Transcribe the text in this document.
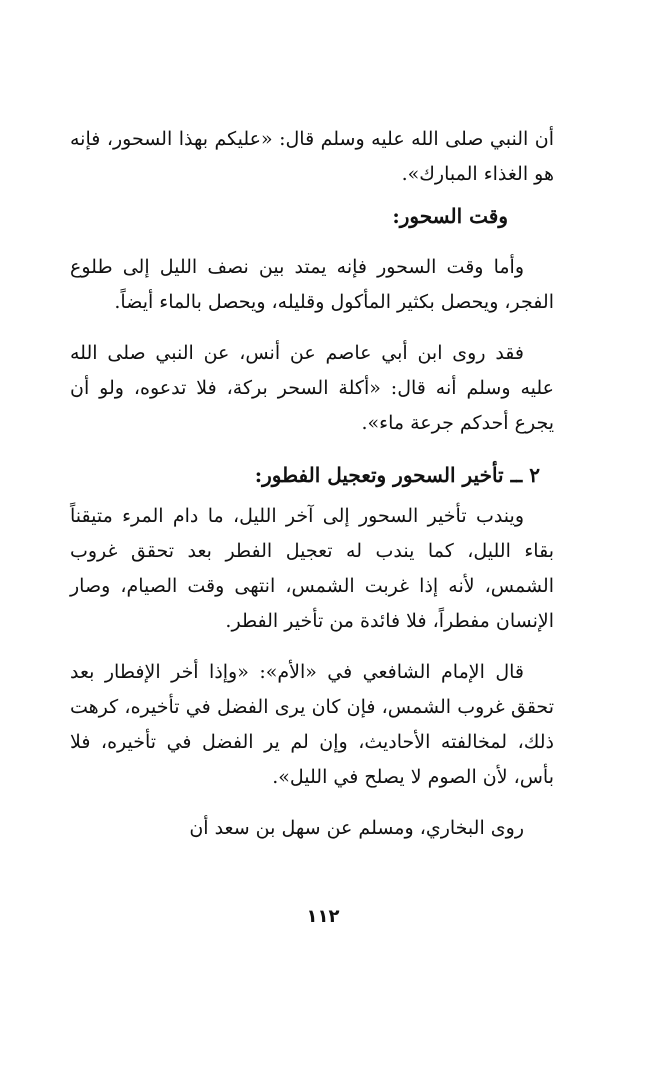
أن النبي صلى الله عليه وسلم قال: «عليكم بهذا السحور، فإنه هو الغذاء المبارك».

وقت السحور:

وأما وقت السحور فإنه يمتد بين نصف الليل إلى طلوع الفجر، ويحصل بكثير المأكول وقليله، ويحصل بالماء أيضاً.

فقد روى ابن أبي عاصم عن أنس، عن النبي صلى الله عليه وسلم أنه قال: «أكلة السحر بركة، فلا تدعوه، ولو أن يجرع أحدكم جرعة ماء».

٢ ــ تأخير السحور وتعجيل الفطور:

ويندب تأخير السحور إلى آخر الليل، ما دام المرء متيقناً بقاء الليل، كما يندب له تعجيل الفطر بعد تحقق غروب الشمس، لأنه إذا غربت الشمس، انتهى وقت الصيام، وصار الإنسان مفطراً، فلا فائدة من تأخير الفطر.

قال الإمام الشافعي في «الأم»: «وإذا أخر الإفطار بعد تحقق غروب الشمس، فإن كان يرى الفضل في تأخيره، كرهت ذلك، لمخالفته الأحاديث، وإن لم ير الفضل في تأخيره، فلا بأس، لأن الصوم لا يصلح في الليل».

روى البخاري، ومسلم عن سهل بن سعد أن

١١٢
